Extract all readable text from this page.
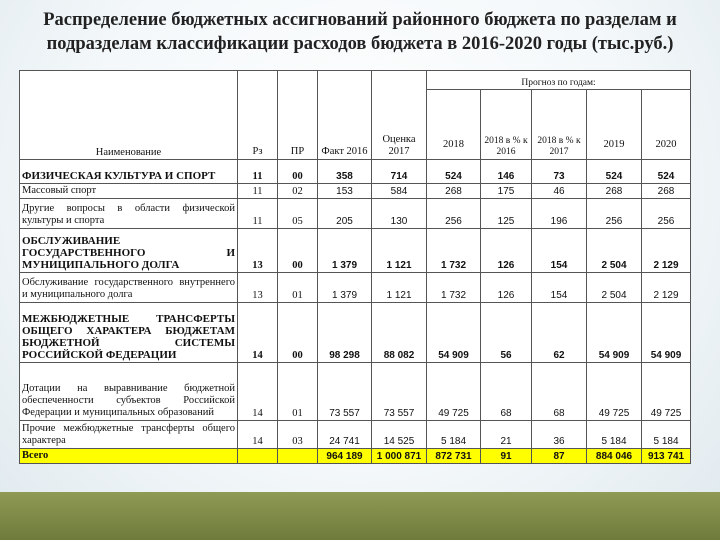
Распределение бюджетных ассигнований районного бюджета по разделам и подразделам классификации расходов бюджета в 2016-2020 годы (тыс.руб.)
Наименование	Рз	ПР	Факт 2016	Оценка 2017	Прогноз по годам:				
					2018	2018 в % к 2016	2018 в % к 2017	2019	2020
ФИЗИЧЕСКАЯ КУЛЬТУРА И СПОРТ	11	00	358	714	524	146	73	524	524
Массовый спорт	11	02	153	584	268	175	46	268	268
Другие вопросы в области физической культуры и спорта	11	05	205	130	256	125	196	256	256
ОБСЛУЖИВАНИЕ ГОСУДАРСТВЕННОГО И МУНИЦИПАЛЬНОГО ДОЛГА	13	00	1 379	1 121	1 732	126	154	2 504	2 129
Обслуживание государственного внутреннего и муниципального долга	13	01	1 379	1 121	1 732	126	154	2 504	2 129
МЕЖБЮДЖЕТНЫЕ ТРАНСФЕРТЫ ОБЩЕГО ХАРАКТЕРА БЮДЖЕТАМ БЮДЖЕТНОЙ СИСТЕМЫ РОССИЙСКОЙ ФЕДЕРАЦИИ	14	00	98 298	88 082	54 909	56	62	54 909	54 909
Дотации на выравнивание бюджетной обеспеченности субъектов Российской Федерации и муниципальных образований	14	01	73 557	73 557	49 725	68	68	49 725	49 725
Прочие межбюджетные трансферты общего характера	14	03	24 741	14 525	5 184	21	36	5 184	5 184
Всего			964 189	1 000 871	872 731	91	87	884 046	913 741
